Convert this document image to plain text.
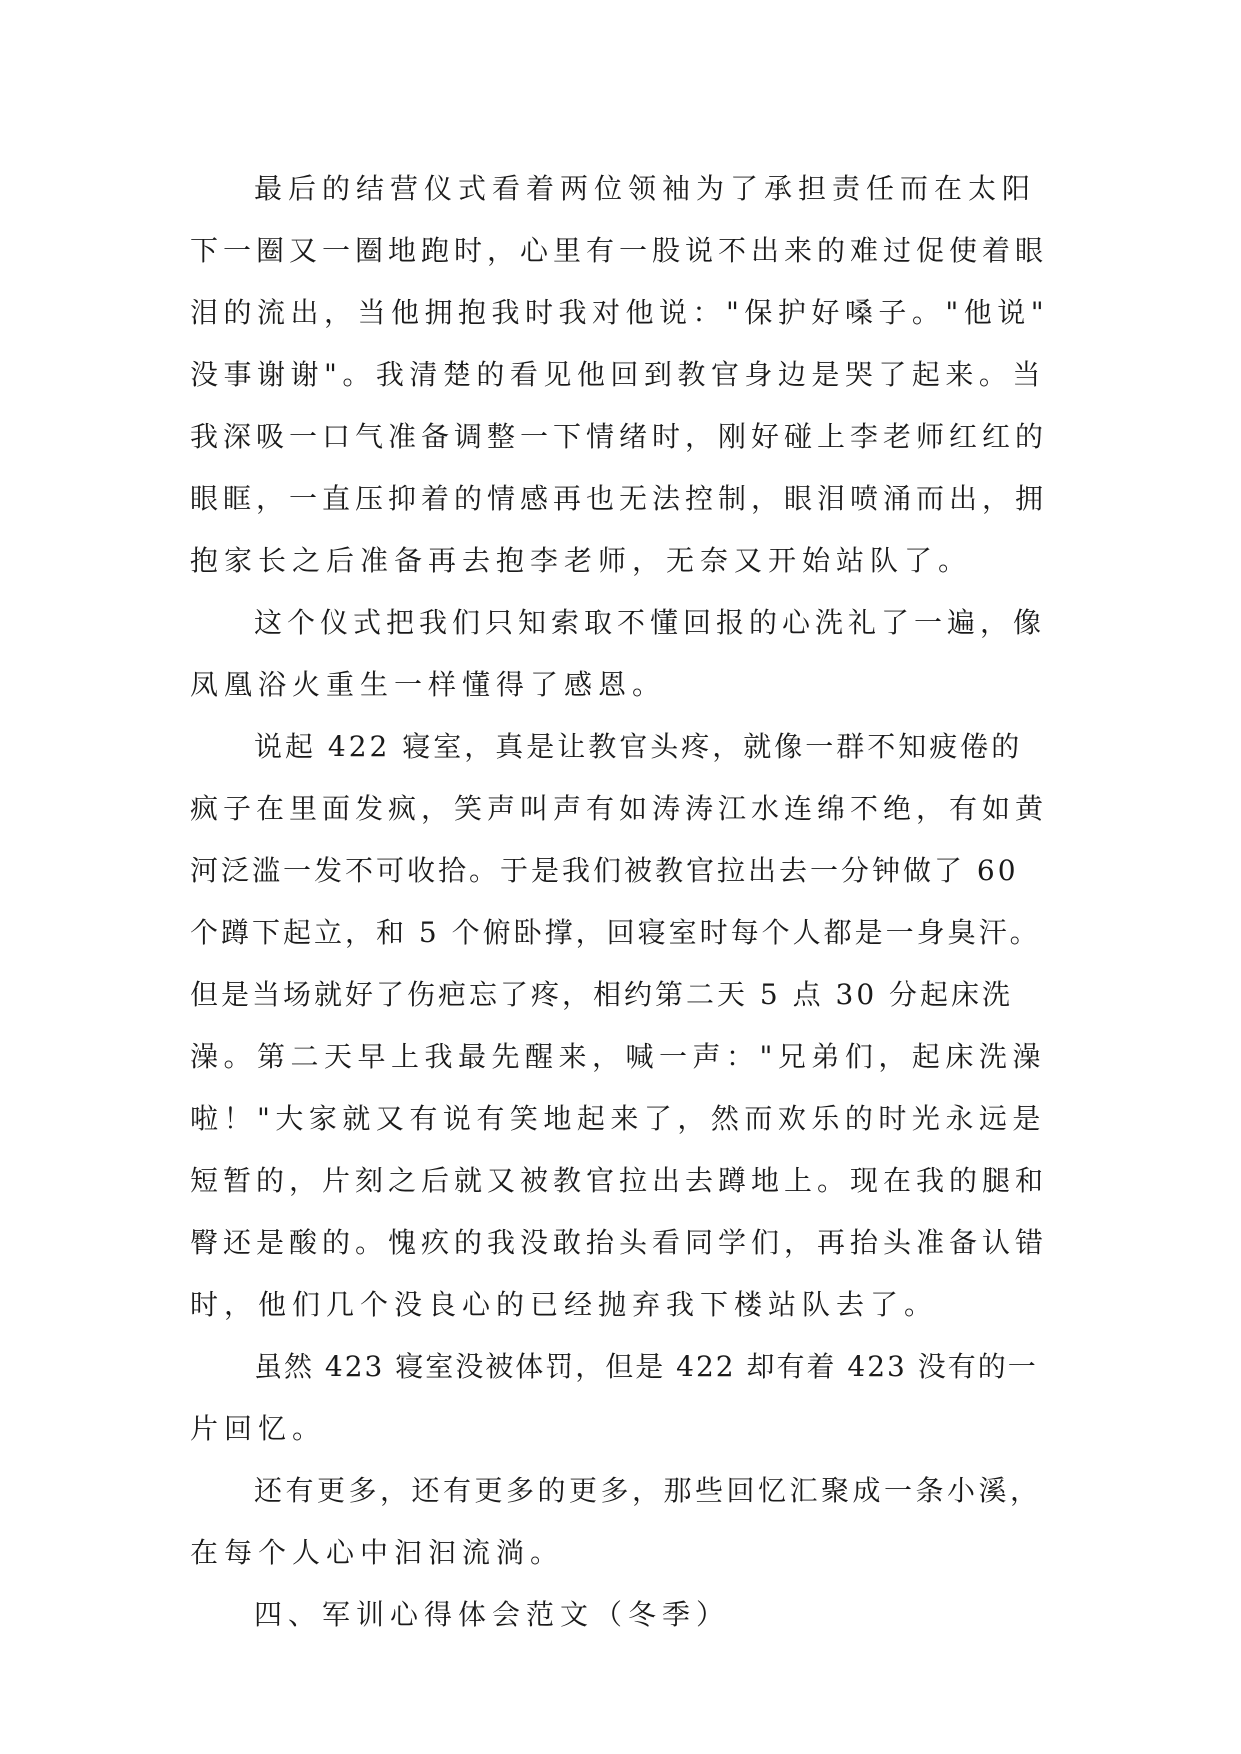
最后的结营仪式看着两位领袖为了承担责任而在太阳
下一圈又一圈地跑时，心里有一股说不出来的难过促使着眼
泪的流出，当他拥抱我时我对他说："保护好嗓子。"他说"
没事谢谢"。我清楚的看见他回到教官身边是哭了起来。当
我深吸一口气准备调整一下情绪时，刚好碰上李老师红红的
眼眶，一直压抑着的情感再也无法控制，眼泪喷涌而出，拥
抱家长之后准备再去抱李老师，无奈又开始站队了。
这个仪式把我们只知索取不懂回报的心洗礼了一遍，像
凤凰浴火重生一样懂得了感恩。
说起 422 寝室，真是让教官头疼，就像一群不知疲倦的
疯子在里面发疯，笑声叫声有如涛涛江水连绵不绝，有如黄
河泛滥一发不可收拾。于是我们被教官拉出去一分钟做了 60
个蹲下起立，和 5 个俯卧撑，回寝室时每个人都是一身臭汗。
但是当场就好了伤疤忘了疼，相约第二天 5 点 30 分起床洗
澡。第二天早上我最先醒来，喊一声："兄弟们，起床洗澡
啦！"大家就又有说有笑地起来了，然而欢乐的时光永远是
短暂的，片刻之后就又被教官拉出去蹲地上。现在我的腿和
臀还是酸的。愧疚的我没敢抬头看同学们，再抬头准备认错
时，他们几个没良心的已经抛弃我下楼站队去了。
虽然 423 寝室没被体罚，但是 422 却有着 423 没有的一
片回忆。
还有更多，还有更多的更多，那些回忆汇聚成一条小溪，
在每个人心中汩汩流淌。
四、军训心得体会范文（冬季）
